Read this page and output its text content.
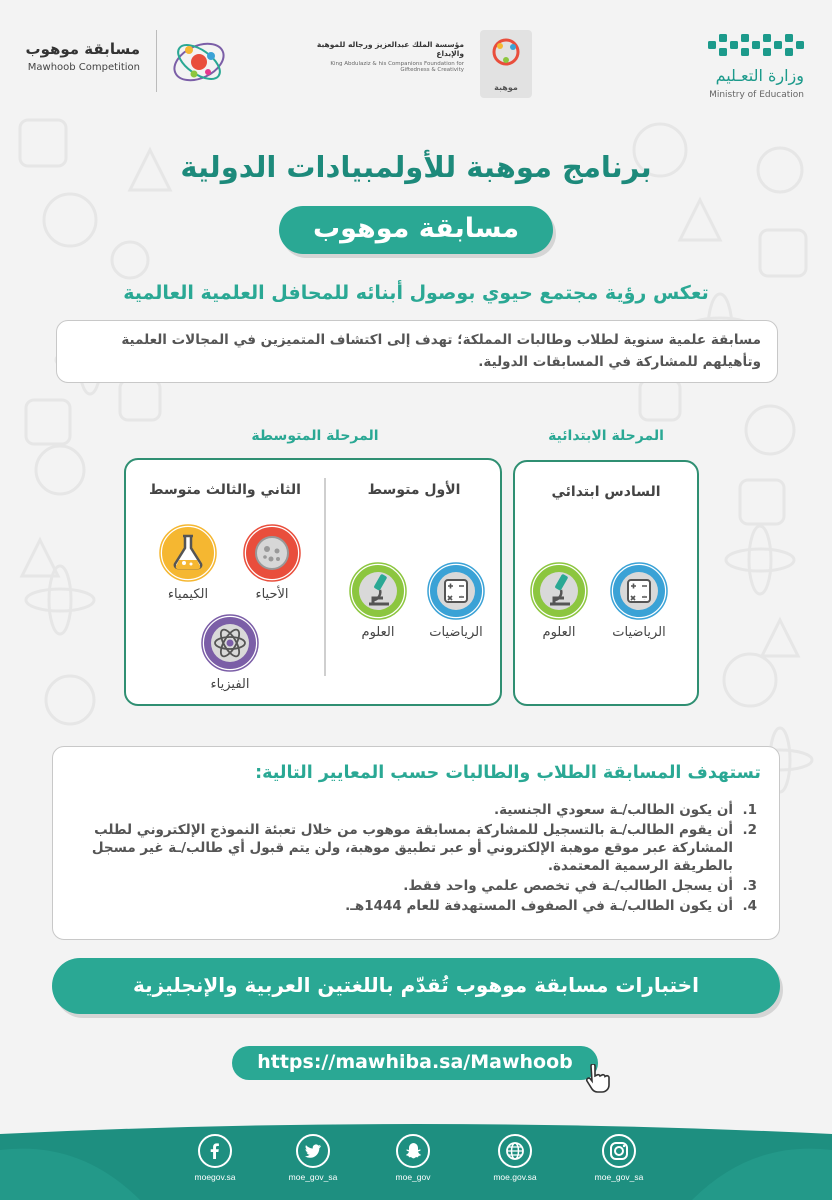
مسابقة موهوب
Mawhoob Competition
مؤسسة الملك عبدالعزيز ورجاله للموهبة والإبداع
King Abdulaziz & his Companions Foundation for Giftedness & Creativity
موهبة
وزارة التعـليم
Ministry of Education
برنامج موهبة للأولمبيادات الدولية
مسابقة موهوب
تعكس رؤية مجتمع حيوي بوصول أبنائه للمحافل العلمية العالمية
مسابقة علمية سنوية لطلاب وطالبات المملكة؛ تهدف إلى اكتشاف المتميزين في المجالات العلمية وتأهيلهم للمشاركة في المسابقات الدولية.
المرحلة المتوسطة	المرحلة الابتدائية
الثاني والثالث متوسط	الأول متوسط
الكيمياء	الأحياء
الفيزياء
العلوم	الرياضيات
السادس ابتدائي
العلوم	الرياضيات
تستهدف المسابقة الطلاب والطالبات حسب المعايير التالية:
1.
أن يكون الطالب/ـة سعودي الجنسية.
2.
أن يقوم الطالب/ـة بالتسجيل للمشاركة بمسابقة موهوب من خلال تعبئة النموذج الإلكتروني لطلب المشاركة عبر موقع موهبة الإلكتروني أو عبر تطبيق موهبة، ولن يتم قبول أي طالب/ـة غير مسجل بالطريقة الرسمية المعتمدة.
3.
أن يسجل الطالب/ـة في تخصص علمي واحد فقط.
4.
أن يكون الطالب/ـة في الصفوف المستهدفة للعام 1444هـ.
اختبارات مسابقة موهوب تُقدّم باللغتين العربية والإنجليزية
https://mawhiba.sa/Mawhoob
moe_gov_sa
moe.gov.sa
moe_gov
moe_gov_sa
moegov.sa
